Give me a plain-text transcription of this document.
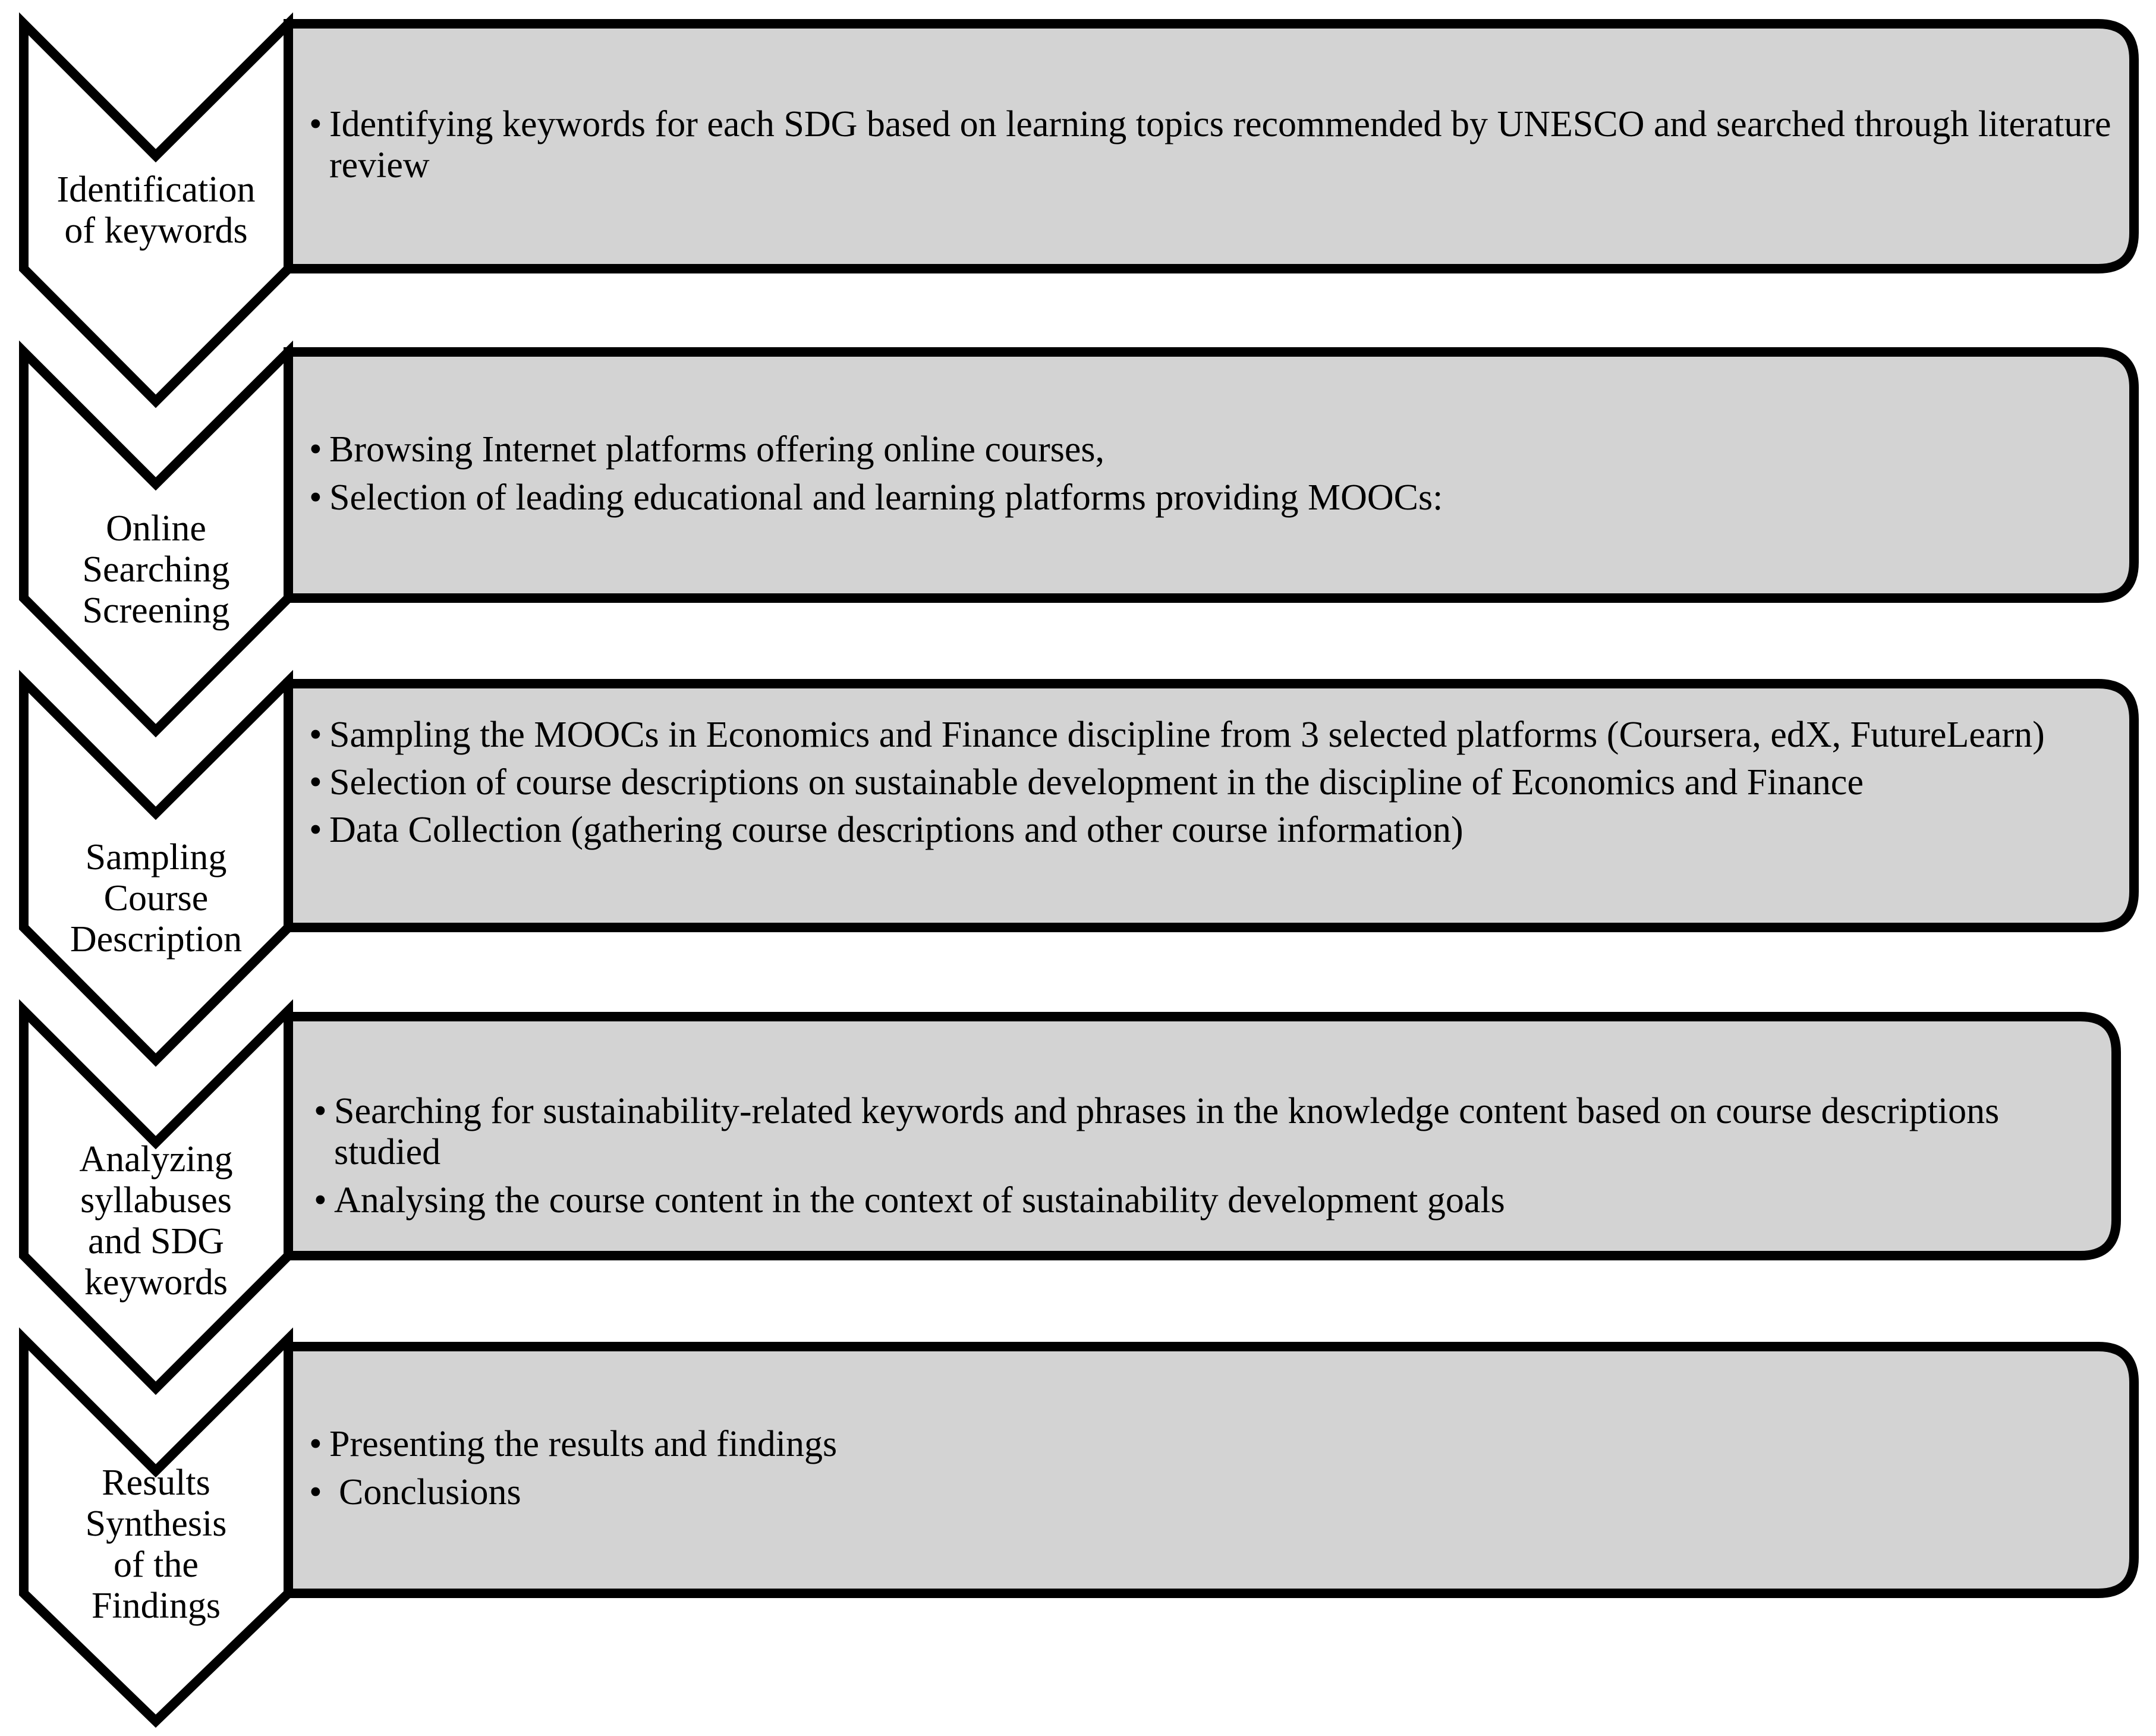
Identification
of keywords
• Identifying keywords for each SDG based on learning topics recommended by UNESCO and searched through literature review
Online
Searching
Screening
• Browsing Internet platforms offering online courses,
• Selection of leading educational and learning platforms providing MOOCs:
Sampling
Course
Description
• Sampling the MOOCs in Economics and Finance discipline from 3 selected platforms (Coursera, edX, FutureLearn)
• Selection of course descriptions on sustainable development in the discipline of Economics and Finance
• Data Collection (gathering course descriptions and other course information)
Analyzing
syllabuses
and SDG
keywords
• Searching for sustainability-related keywords and phrases in the knowledge content based on course descriptions studied
• Analysing the course content in the context of sustainability development goals
Results
Synthesis
of the
Findings
• Presenting the results and findings
• Conclusions
